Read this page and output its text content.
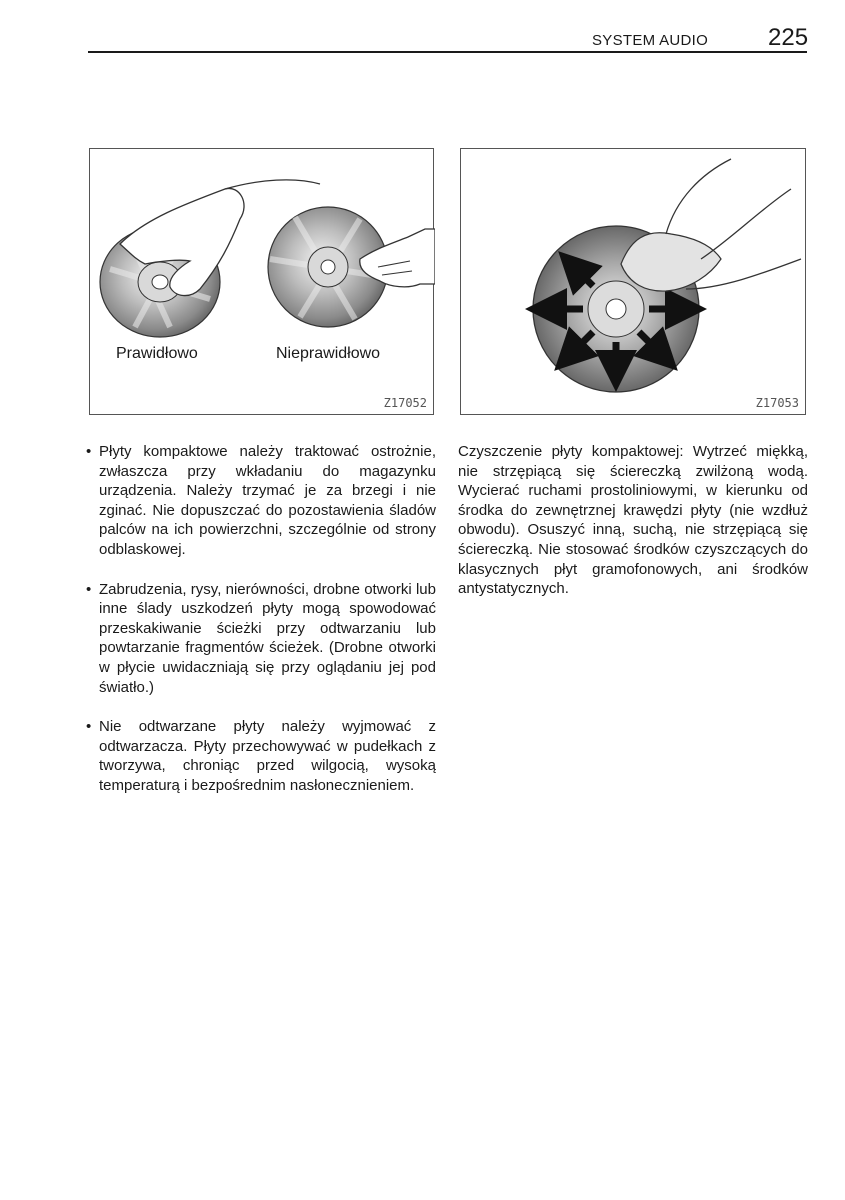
SYSTEM AUDIO 225
Prawidłowo	Nieprawidłowo
Z17052	Z17053
• Płyty kompaktowe należy traktować ostrożnie, zwłaszcza przy wkładaniu do magazynku urządzenia. Należy trzymać je za brzegi i nie zginać. Nie dopuszczać do pozostawienia śladów palców na ich powierzchni, szczególnie od strony odblaskowej.
• Zabrudzenia, rysy, nierówności, drobne otworki lub inne ślady uszkodzeń płyty mogą spowodować przeskakiwanie ścieżki przy odtwarzaniu lub powtarzanie fragmentów ścieżek. (Drobne otworki w płycie uwidaczniają się przy oglądaniu jej pod światło.)
• Nie odtwarzane płyty należy wyjmować z odtwarzacza. Płyty przechowywać w pudełkach z tworzywa, chroniąc przed wilgocią, wysoką temperaturą i bezpośrednim nasłonecznieniem.

Czyszczenie płyty kompaktowej: Wytrzeć miękką, nie strzępiącą się ściereczką zwilżoną wodą. Wycierać ruchami prostoliniowymi, w kierunku od środka do zewnętrznej krawędzi płyty (nie wzdłuż obwodu). Osuszyć inną, suchą, nie strzępiącą się ściereczką. Nie stosować środków czyszczących do klasycznych płyt gramofonowych, ani środków antystatycznych.
